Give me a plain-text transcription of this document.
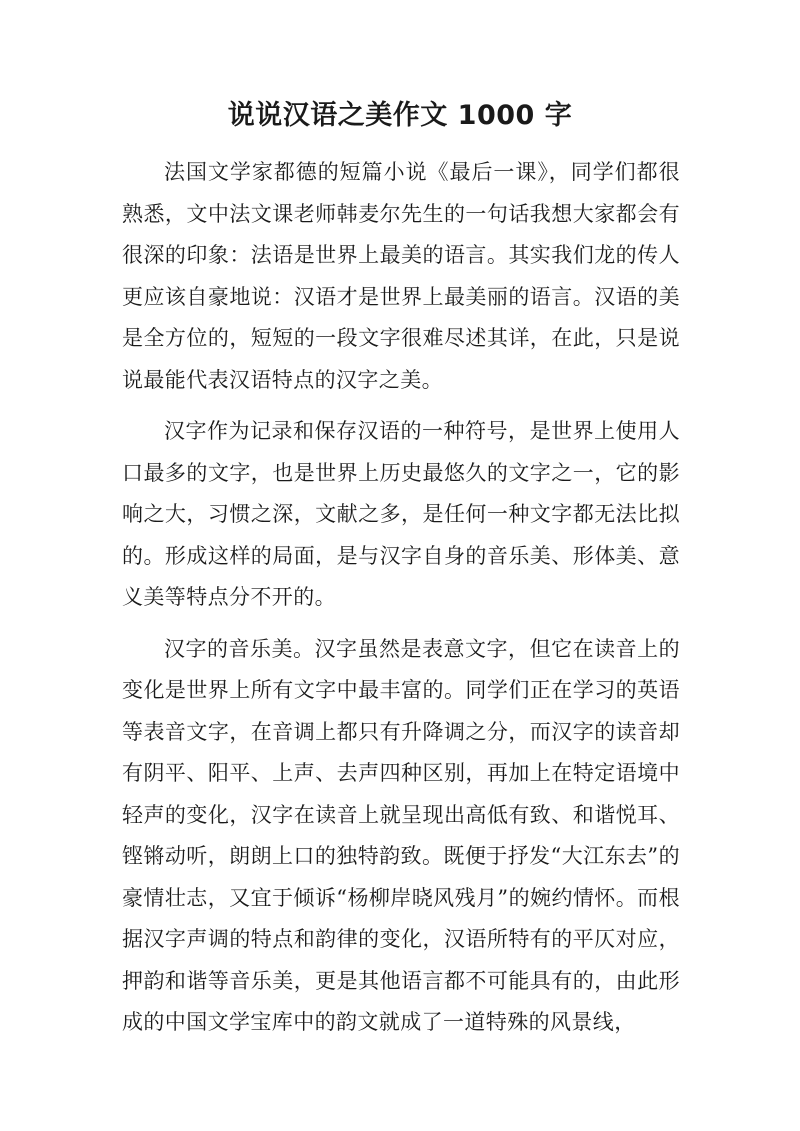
说说汉语之美作文 1000 字

法国文学家都德的短篇小说《最后一课》，同学们都很熟悉，文中法文课老师韩麦尔先生的一句话我想大家都会有很深的印象：法语是世界上最美的语言。其实我们龙的传人更应该自豪地说：汉语才是世界上最美丽的语言。汉语的美是全方位的，短短的一段文字很难尽述其详，在此，只是说说最能代表汉语特点的汉字之美。

汉字作为记录和保存汉语的一种符号，是世界上使用人口最多的文字，也是世界上历史最悠久的文字之一，它的影响之大，习惯之深，文献之多，是任何一种文字都无法比拟的。形成这样的局面，是与汉字自身的音乐美、形体美、意义美等特点分不开的。

汉字的音乐美。汉字虽然是表意文字，但它在读音上的变化是世界上所有文字中最丰富的。同学们正在学习的英语等表音文字，在音调上都只有升降调之分，而汉字的读音却有阴平、阳平、上声、去声四种区别，再加上在特定语境中轻声的变化，汉字在读音上就呈现出高低有致、和谐悦耳、铿锵动听，朗朗上口的独特韵致。既便于抒发“大江东去”的豪情壮志，又宜于倾诉“杨柳岸晓风残月”的婉约情怀。而根据汉字声调的特点和韵律的变化，汉语所特有的平仄对应，押韵和谐等音乐美，更是其他语言都不可能具有的，由此形成的中国文学宝库中的韵文就成了一道特殊的风景线，
